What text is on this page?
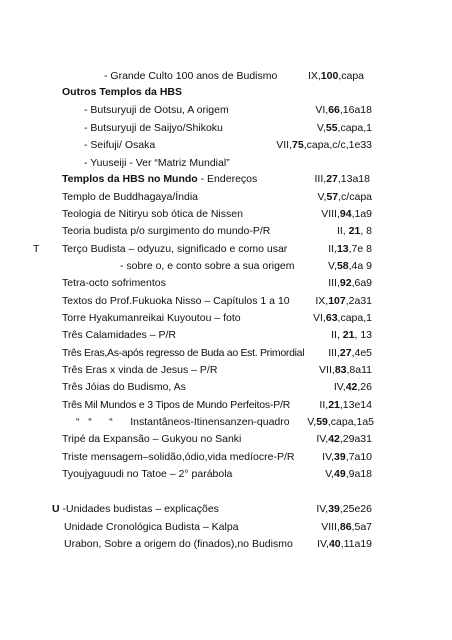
- Grande Culto 100 anos de Budismo	IX,100,capa
Outros Templos da HBS
- Butsuryuji de Ootsu, A origem	VI,66,16a18
- Butsuryuji de Saijyo/Shikoku	V,55,capa,1
- Seifuji/ Osaka	VII,75,capa,c/c,1e33
- Yuuseiji - Ver “Matriz Mundial”
Templos da HBS no Mundo - Endereços	III,27,13a18
Templo de Buddhagaya/Índia	V,57,c/capa
Teologia de Nitiryu sob ótica de Nissen	VIII,94,1a9
Teoria budista p/o surgimento do mundo-P/R	II, 21, 8
T Terço Budista – odyuzu, significado e como usar	II,13,7e 8
- sobre o, e conto sobre a sua origem	V,58,4a 9
Tetra-octo sofrimentos	III,92,6a9
Textos do Prof.Fukuoka Nisso – Capítulos 1 a 10 IX,107,2a31
Torre Hyakumanreikai Kuyoutou – foto	VI,63,capa,1
Três Calamidades – P/R	II, 21, 13
Três Eras,As-após regresso de Buda ao Est. Primordial III,27,4e5
Três Eras x vinda de Jesus – P/R	VII,83,8a11
Três Jóias do Budismo, As	IV,42,26
Três Mil Mundos e 3 Tipos de Mundo Perfeitos-P/R	II,21,13e14
“   “      “      Instantâneos-Itinensanzen-quadro V,59,capa,1a5
Tripé da Expansão – Gukyou no Sanki	IV,42,29a31
Triste mensagem–solidão,ódio,vida medíocre-P/R	IV,39,7a10
Tyoujyaguudi no Tatoe – 2° parábola	V,49,9a18
U -Unidades budistas – explicações	IV,39,25e26
Unidade Cronológica Budista – Kalpa	VIII,86,5a7
Urabon, Sobre a origem do (finados),no Budismo IV,40,11a19
